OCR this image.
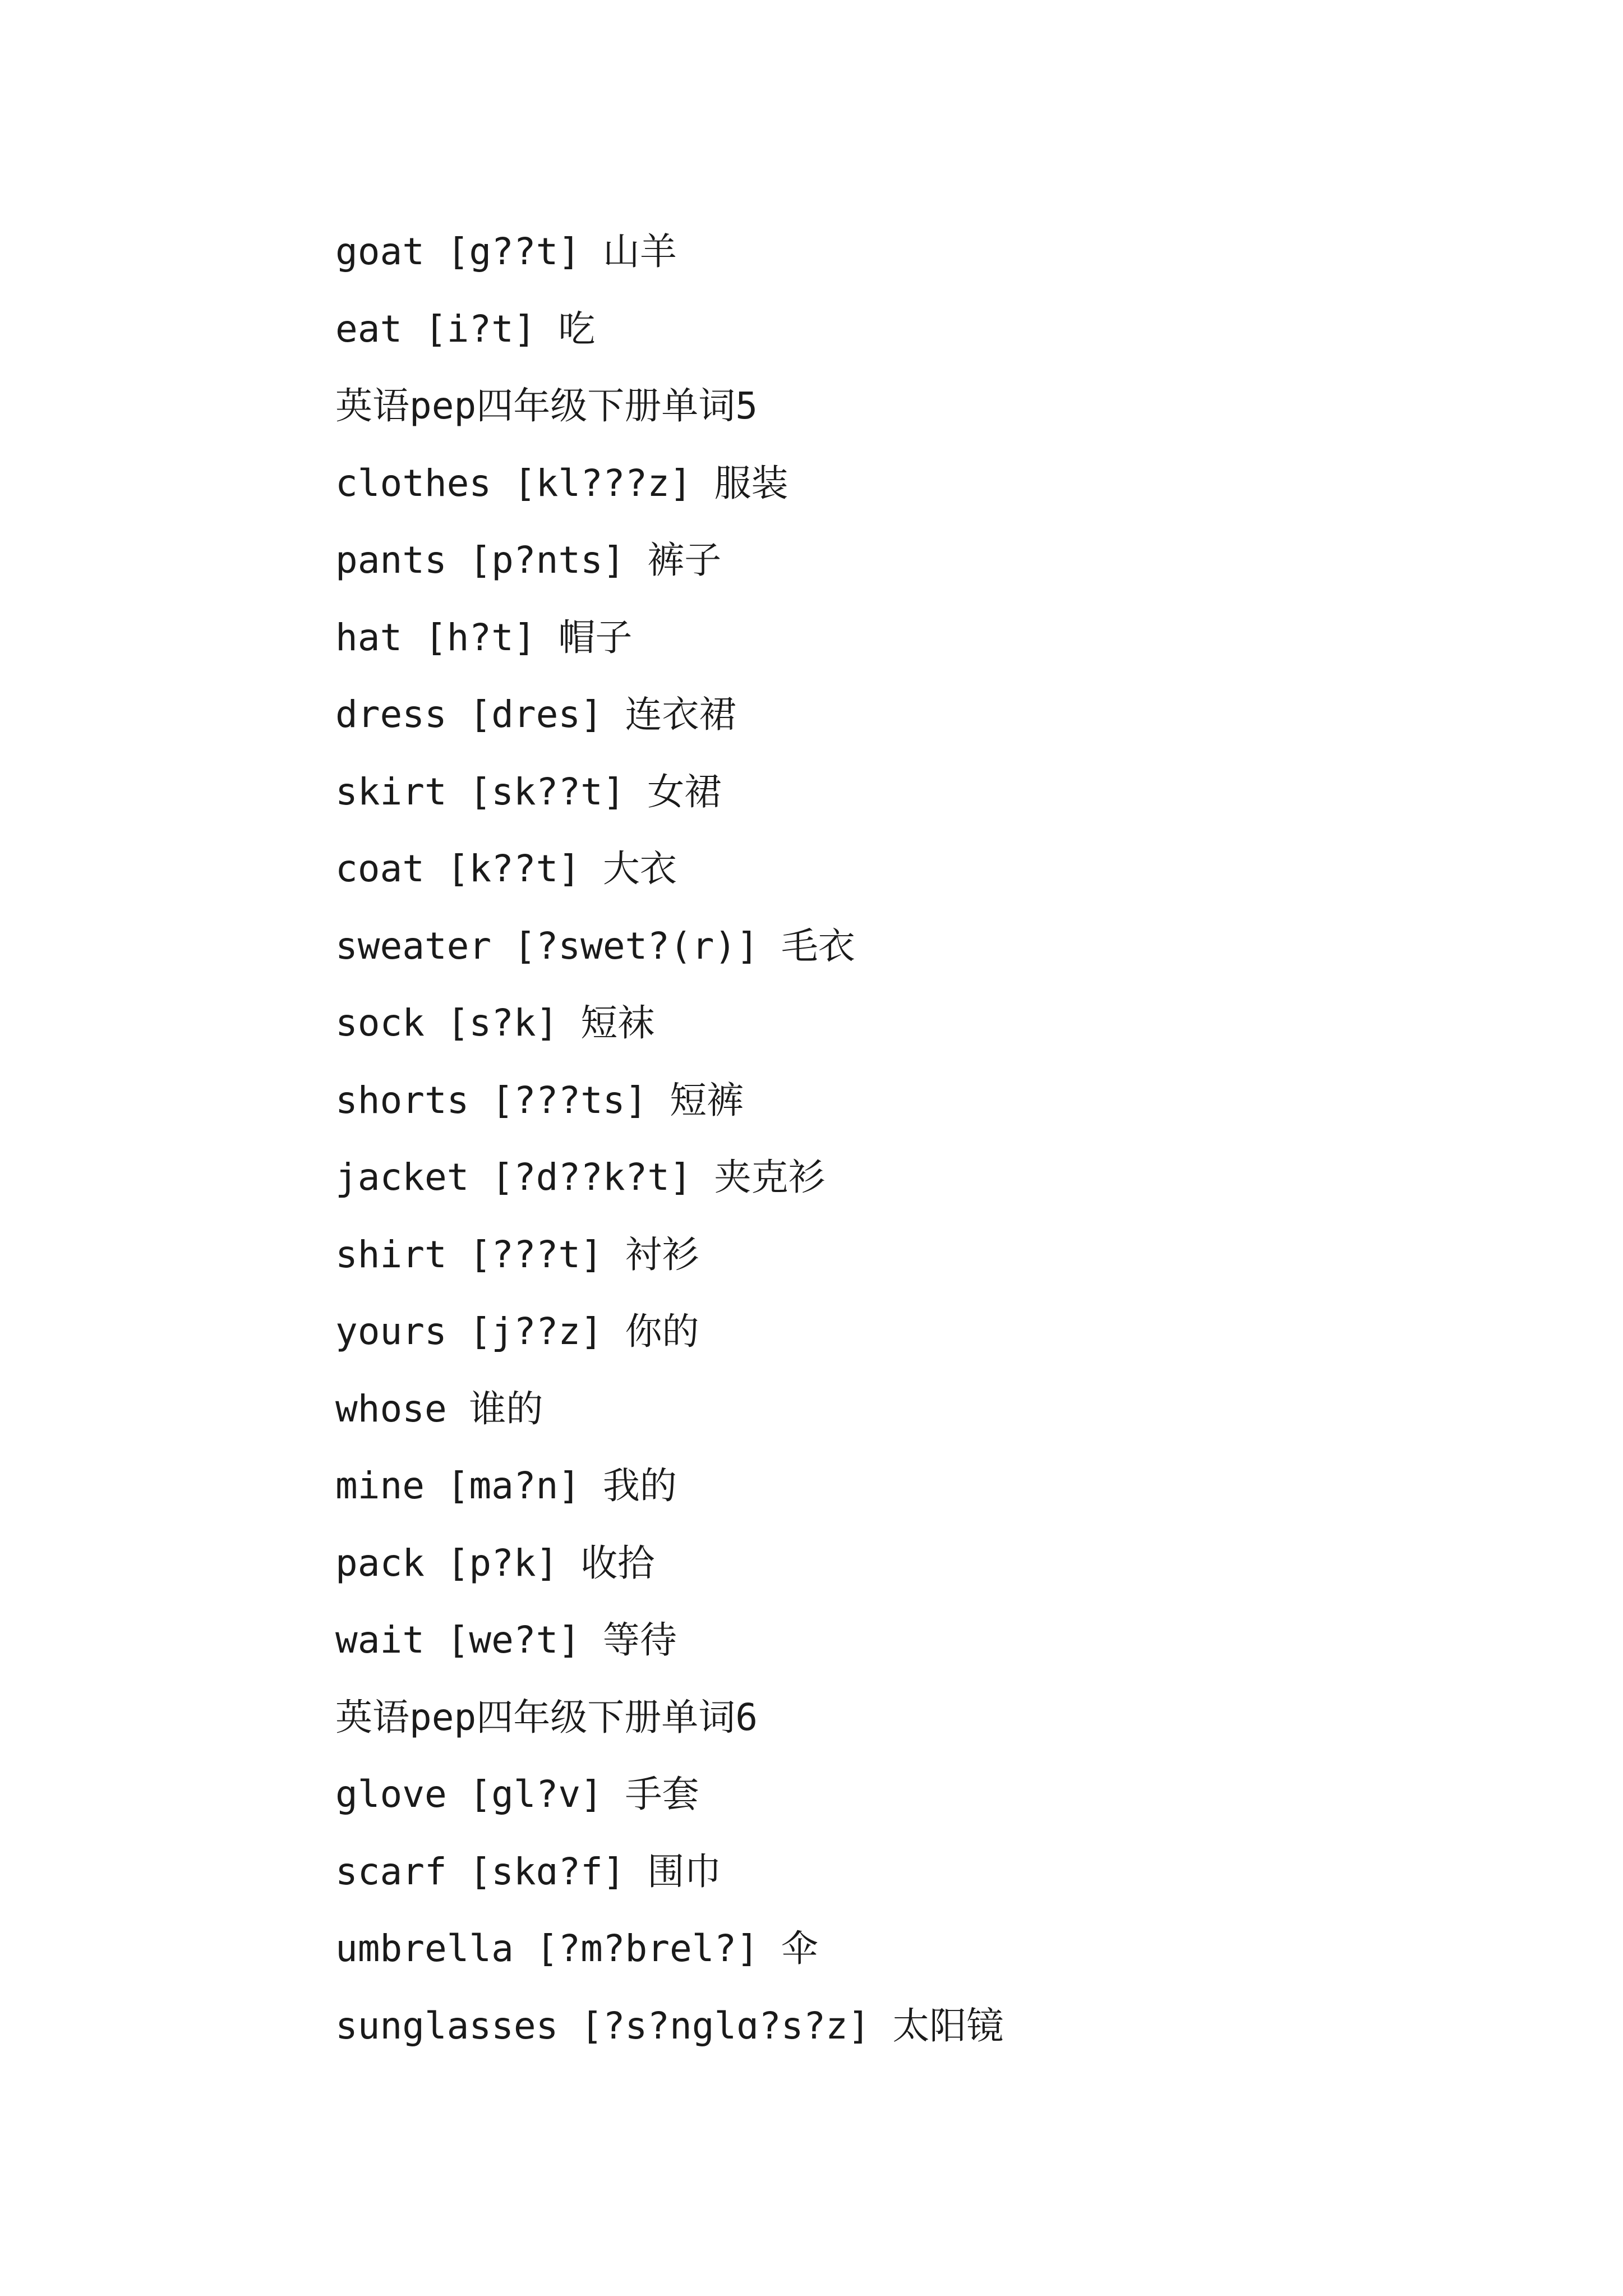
goat [g??t] 山羊
eat [i?t] 吃
英语pep四年级下册单词5
clothes [kl???z] 服装
pants [p?nts] 裤子
hat [h?t] 帽子
dress [dres] 连衣裙
skirt [sk??t] 女裙
coat [k??t] 大衣
sweater [?swet?(r)] 毛衣
sock [s?k] 短袜
shorts [???ts] 短裤
jacket [?d??k?t] 夹克衫
shirt [???t] 衬衫
yours [j??z] 你的
whose 谁的
mine [ma?n] 我的
pack [p?k] 收拾
wait [we?t] 等待
英语pep四年级下册单词6
glove [gl?v] 手套
scarf [skɑ?f] 围巾
umbrella [?m?brel?] 伞
sunglasses [?s?nglɑ?s?z] 太阳镜
